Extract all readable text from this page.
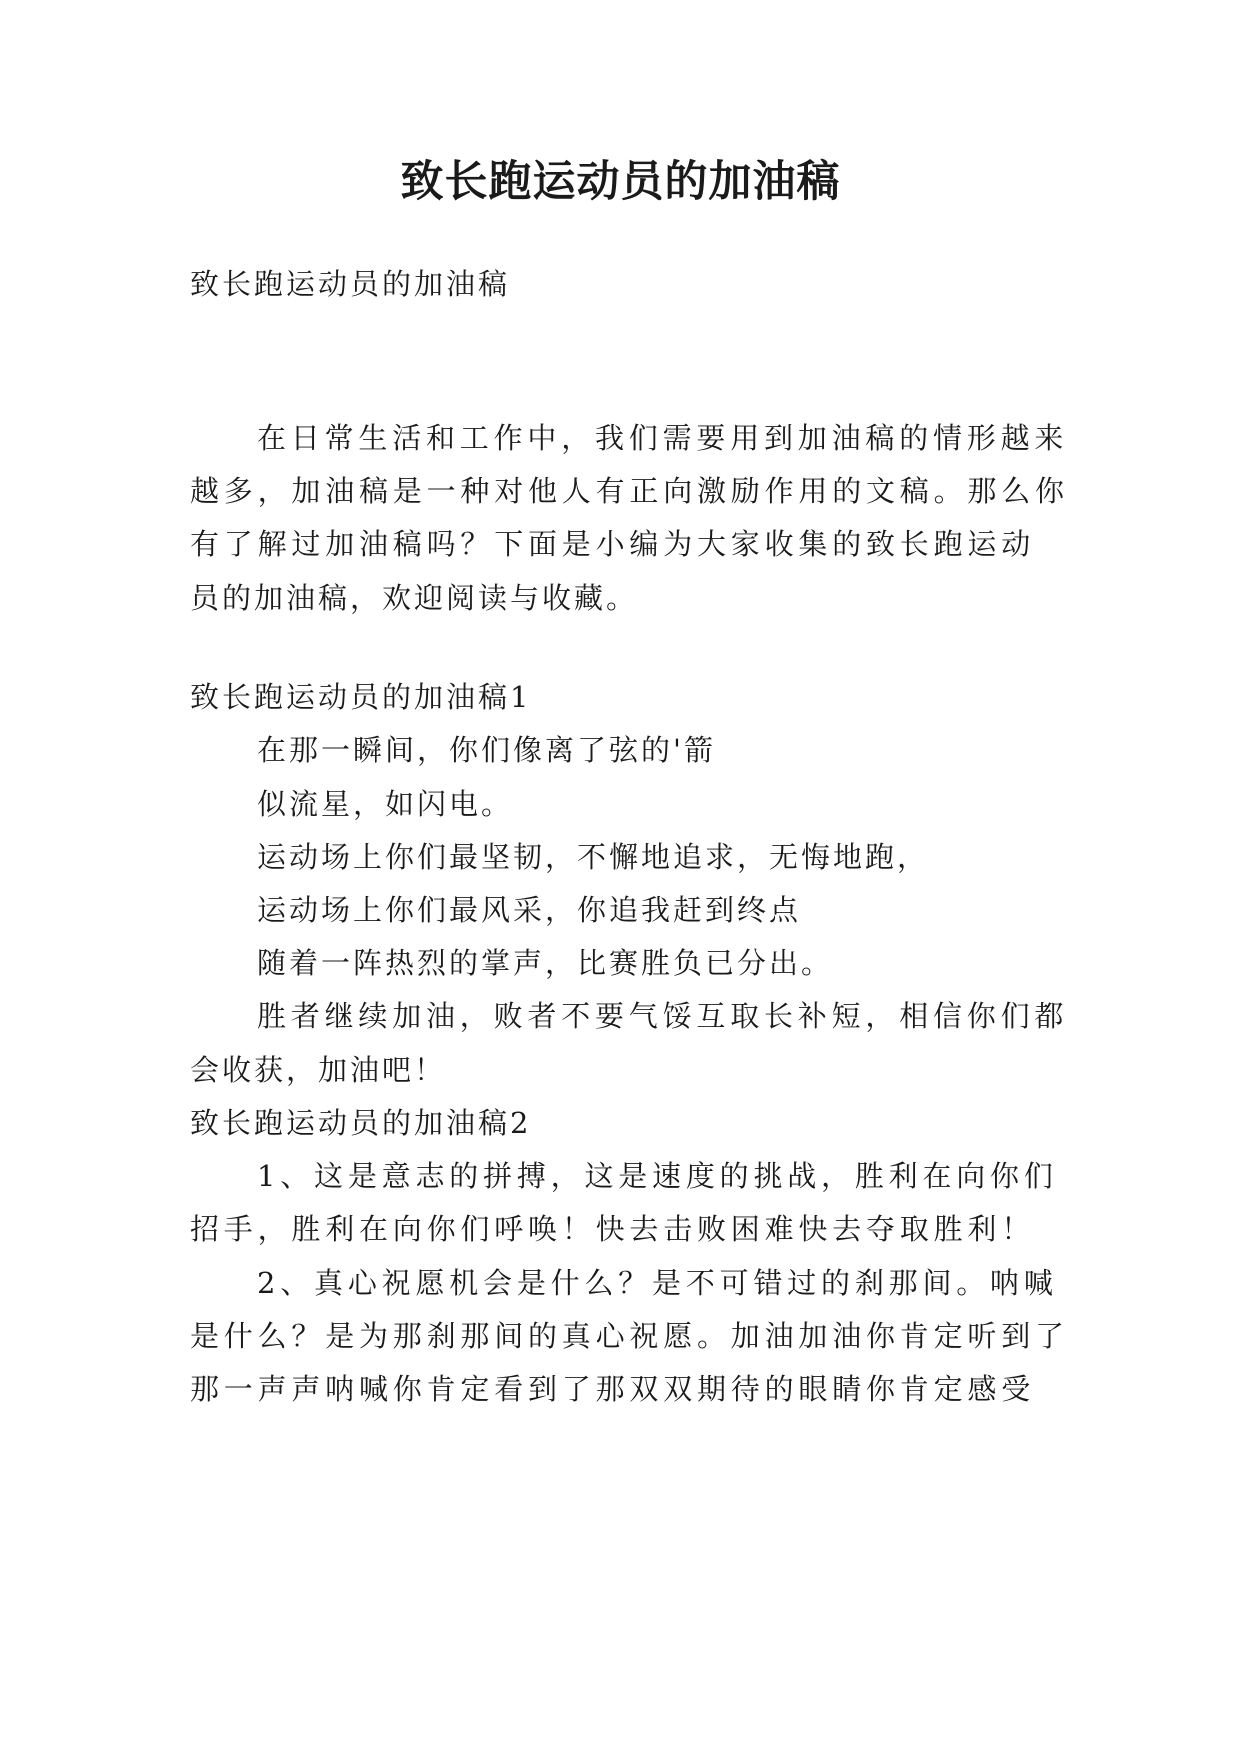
致长跑运动员的加油稿

致长跑运动员的加油稿

在日常生活和工作中，我们需要用到加油稿的情形越来

越多，加油稿是一种对他人有正向激励作用的文稿。那么你

有了解过加油稿吗？下面是小编为大家收集的致长跑运动

员的加油稿，欢迎阅读与收藏。

致长跑运动员的加油稿1

在那一瞬间，你们像离了弦的'箭

似流星，如闪电。

运动场上你们最坚韧，不懈地追求，无悔地跑，

运动场上你们最风采，你追我赶到终点

随着一阵热烈的掌声，比赛胜负已分出。

胜者继续加油，败者不要气馁互取长补短，相信你们都

会收获，加油吧！

致长跑运动员的加油稿2

1、这是意志的拼搏，这是速度的挑战，胜利在向你们

招手，胜利在向你们呼唤！快去击败困难快去夺取胜利！

2、真心祝愿机会是什么？是不可错过的刹那间。呐喊

是什么？是为那刹那间的真心祝愿。加油加油你肯定听到了

那一声声呐喊你肯定看到了那双双期待的眼睛你肯定感受
